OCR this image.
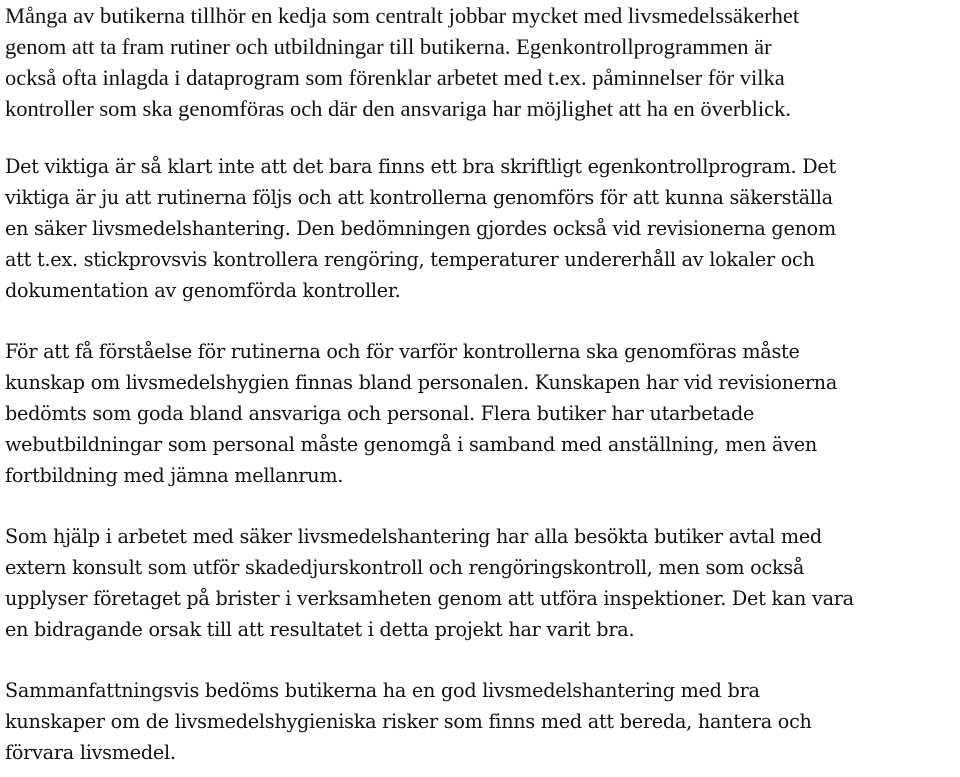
Många av butikerna tillhör en kedja som centralt jobbar mycket med livsmedelssäkerhet
genom att ta fram rutiner och utbildningar till butikerna. Egenkontrollprogrammen är
också ofta inlagda i dataprogram som förenklar arbetet med t.ex. påminnelser för vilka
kontroller som ska genomföras och där den ansvariga har möjlighet att ha en överblick.

Det viktiga är så klart inte att det bara finns ett bra skriftligt egenkontrollprogram. Det
viktiga är ju att rutinerna följs och att kontrollerna genomförs för att kunna säkerställa
en säker livsmedelshantering. Den bedömningen gjordes också vid revisionerna genom
att t.ex. stickprovsvis kontrollera rengöring, temperaturer undererhåll av lokaler och
dokumentation av genomförda kontroller.

För att få förståelse för rutinerna och för varför kontrollerna ska genomföras måste
kunskap om livsmedelshygien finnas bland personalen. Kunskapen har vid revisionerna
bedömts som goda bland ansvariga och personal. Flera butiker har utarbetade
webutbildningar som personal måste genomgå i samband med anställning, men även
fortbildning med jämna mellanrum.

Som hjälp i arbetet med säker livsmedelshantering har alla besökta butiker avtal med
extern konsult som utför skadedjurskontroll och rengöringskontroll, men som också
upplyser företaget på brister i verksamheten genom att utföra inspektioner. Det kan vara
en bidragande orsak till att resultatet i detta projekt har varit bra.

Sammanfattningsvis bedöms butikerna ha en god livsmedelshantering med bra
kunskaper om de livsmedelshygieniska risker som finns med att bereda, hantera och
förvara livsmedel.
